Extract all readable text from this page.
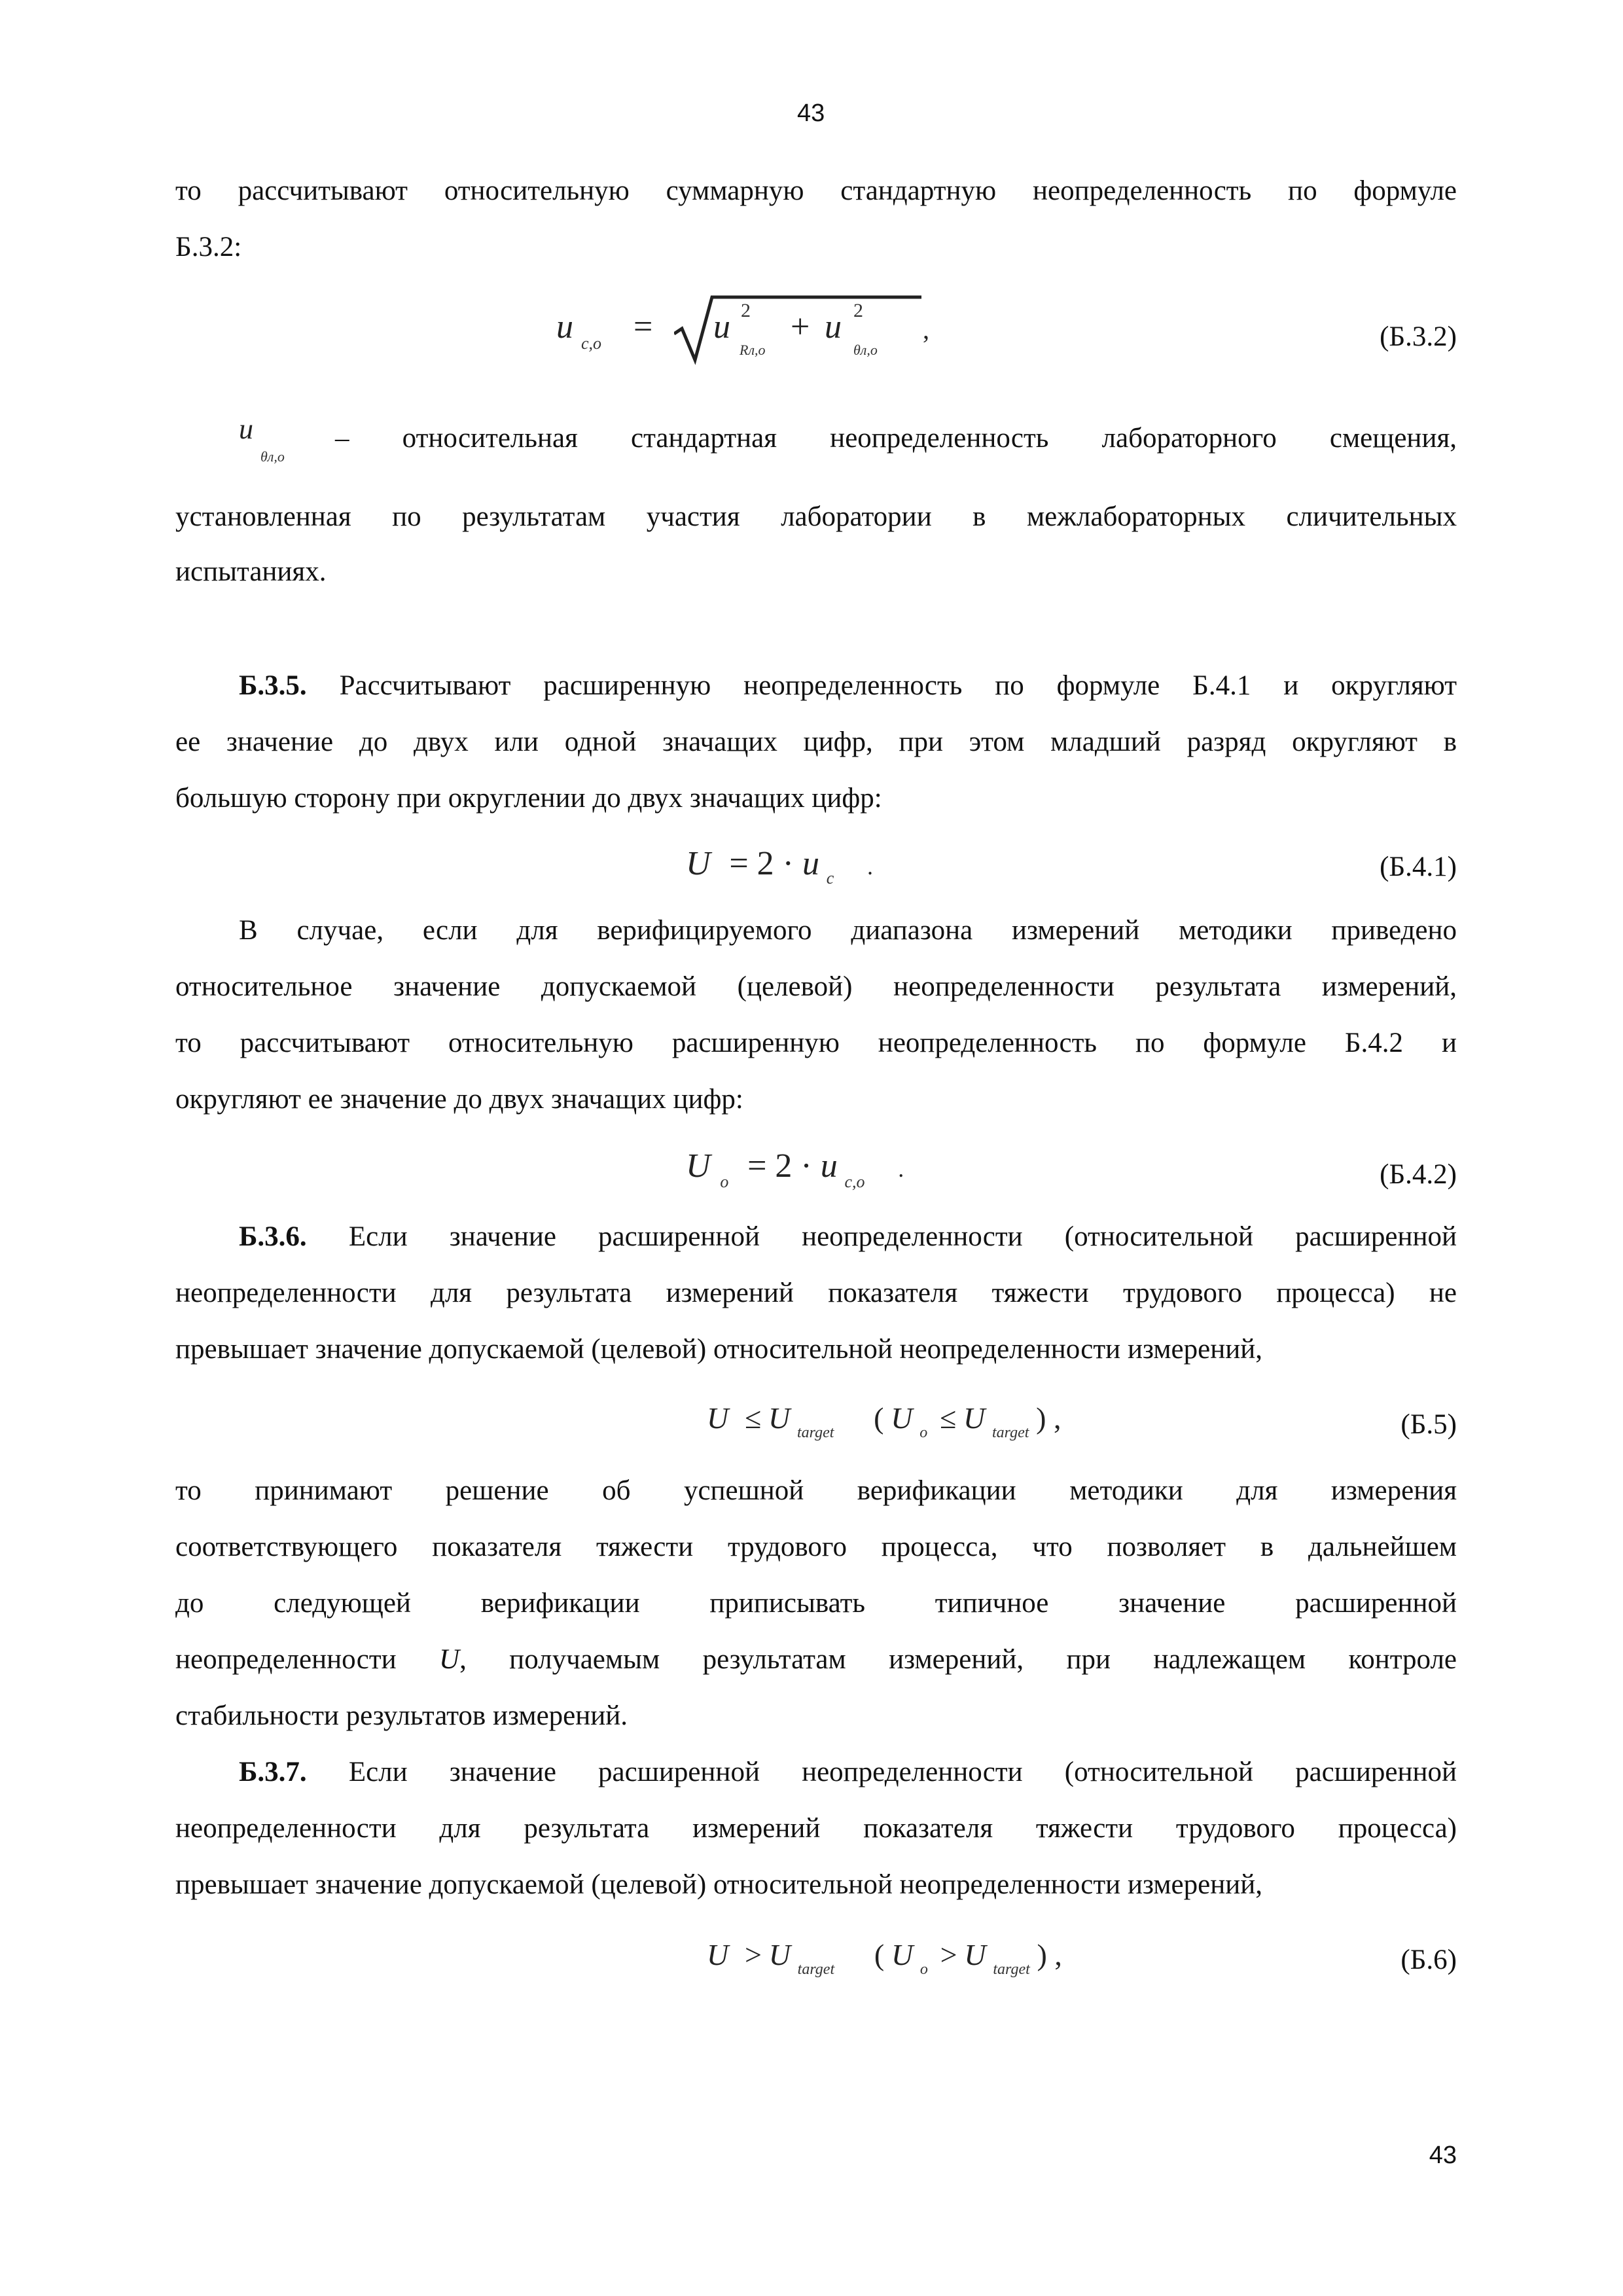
43
то рассчитывают относительную суммарную стандартную неопределенность по формуле
Б.3.2:
u c,o = u 2
Rл,o
+ u 2
θл,o
,	(Б.3.2)
u
θл,o
– относительная стандартная неопределенность лабораторного смещения,
установленная по результатам участия лаборатории в межлабораторных сличительных
испытаниях.
Б.3.5. Рассчитывают расширенную неопределенность по формуле Б.4.1 и округляют
ее значение до двух или одной значащих цифр, при этом младший разряд округляют в
большую сторону при округлении до двух значащих цифр:
U = 2 · u $_c$ .	(Б.4.1)
В случае, если для верифицируемого диапазона измерений методики приведено
относительное значение допускаемой (целевой) неопределенности результата измерений,
то рассчитывают относительную расширенную неопределенность по формуле Б.4.2 и
округляют ее значение до двух значащих цифр:
U $_o$ = 2 · u $_{c,o}$ .	(Б.4.2)
Б.3.6. Если значение расширенной неопределенности (относительной расширенной
неопределенности для результата измерений показателя тяжести трудового процесса) не
превышает значение допускаемой (целевой) относительной неопределенности измерений,
U ≤ U $_{target}$ ( U $_o$ ≤ U $_{target}$ ) ,	(Б.5)
то принимают решение об успешной верификации методики для измерения
соответствующего показателя тяжести трудового процесса, что позволяет в дальнейшем
до следующей верификации приписывать типичное значение расширенной
неопределенности U, получаемым результатам измерений, при надлежащем контроле
стабильности результатов измерений.
Б.3.7. Если значение расширенной неопределенности (относительной расширенной
неопределенности для результата измерений показателя тяжести трудового процесса)
превышает значение допускаемой (целевой) относительной неопределенности измерений,
U > U $_{target}$ ( U $_o$ > U $_{target}$ ) ,	(Б.6)
43
